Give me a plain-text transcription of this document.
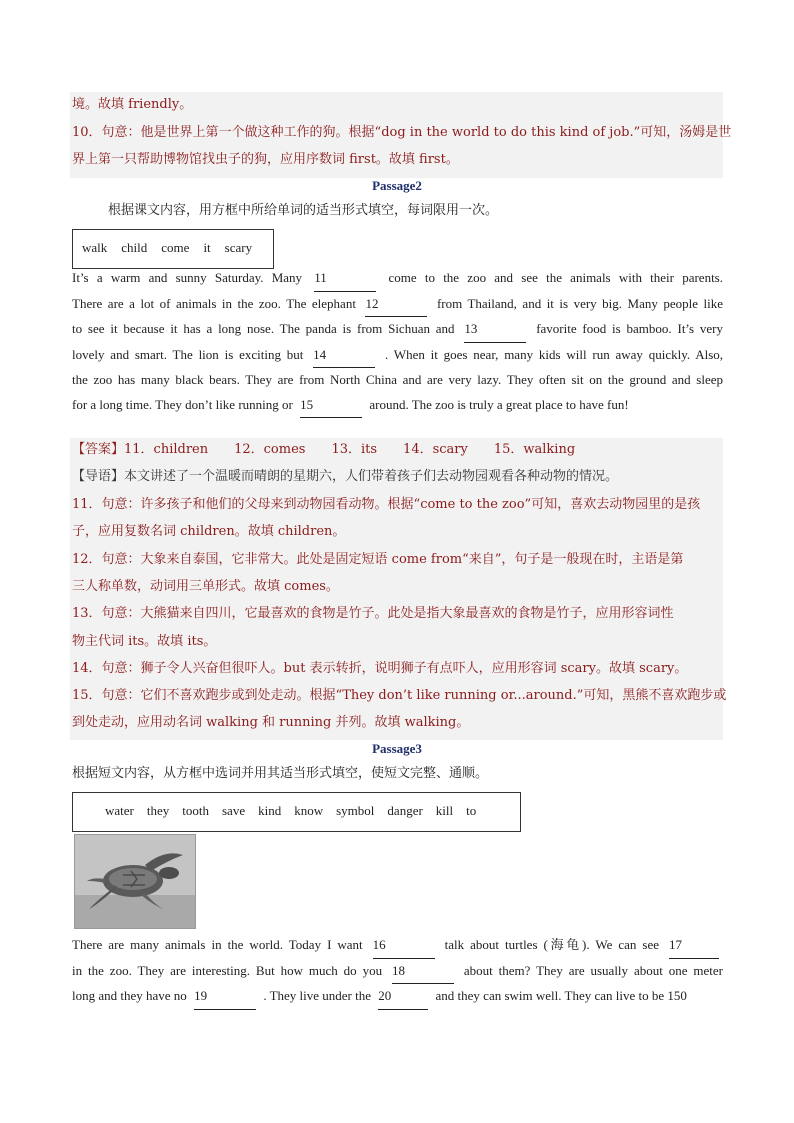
境。故填 friendly。
10．句意：他是世界上第一个做这种工作的狗。根据“dog in the world to do this kind of job.”可知，汤姆是世
界上第一只帮助博物馆找虫子的狗，应用序数词 first。故填 first。
Passage2
根据课文内容，用方框中所给单词的适当形式填空，每词限用一次。
walk child come it scary
It’s a warm and sunny Saturday. Many 11	come to the zoo and see the animals with their parents.
There are a lot of animals in the zoo. The elephant 12	from Thailand, and it is very big. Many people like
to see it because it has a long nose. The panda is from Sichuan and 13	favorite food is bamboo. It’s very
lovely and smart. The lion is exciting but 14	. When it goes near, many kids will run away quickly. Also,
the zoo has many black bears. They are from North China and are very lazy. They often sit on the ground and sleep
for a long time. They don’t like running or 15	around. The zoo is truly a great place to have fun!
【答案】11．children　　12．comes　　13．its　　14．scary　　15．walking
【导语】本文讲述了一个温暖而晴朗的星期六，人们带着孩子们去动物园观看各种动物的情况。
11．句意：许多孩子和他们的父母来到动物园看动物。根据“come to the zoo”可知，喜欢去动物园里的是孩
子，应用复数名词 children。故填 children。
12．句意：大象来自泰国，它非常大。此处是固定短语 come from“来自”，句子是一般现在时，主语是第
三人称单数，动词用三单形式。故填 comes。
13．句意：大熊猫来自四川，它最喜欢的食物是竹子。此处是指大象最喜欢的食物是竹子，应用形容词性
物主代词 its。故填 its。
14．句意：狮子令人兴奋但很吓人。but 表示转折，说明狮子有点吓人，应用形容词 scary。故填 scary。
15．句意：它们不喜欢跑步或到处走动。根据“They don’t like running or...around.”可知，黑熊不喜欢跑步或
到处走动，应用动名词 walking 和 running 并列。故填 walking。
Passage3
根据短文内容，从方框中选词并用其适当形式填空，使短文完整、通顺。
water they tooth save kind know symbol danger kill to
There are many animals in the world. Today I want 16	talk about turtles (海龟). We can see 17
in the zoo. They are interesting. But how much do you 18	about them? They are usually about one meter
long and they have no 19	. They live under the 20	and they can swim well. They can live to be 150
